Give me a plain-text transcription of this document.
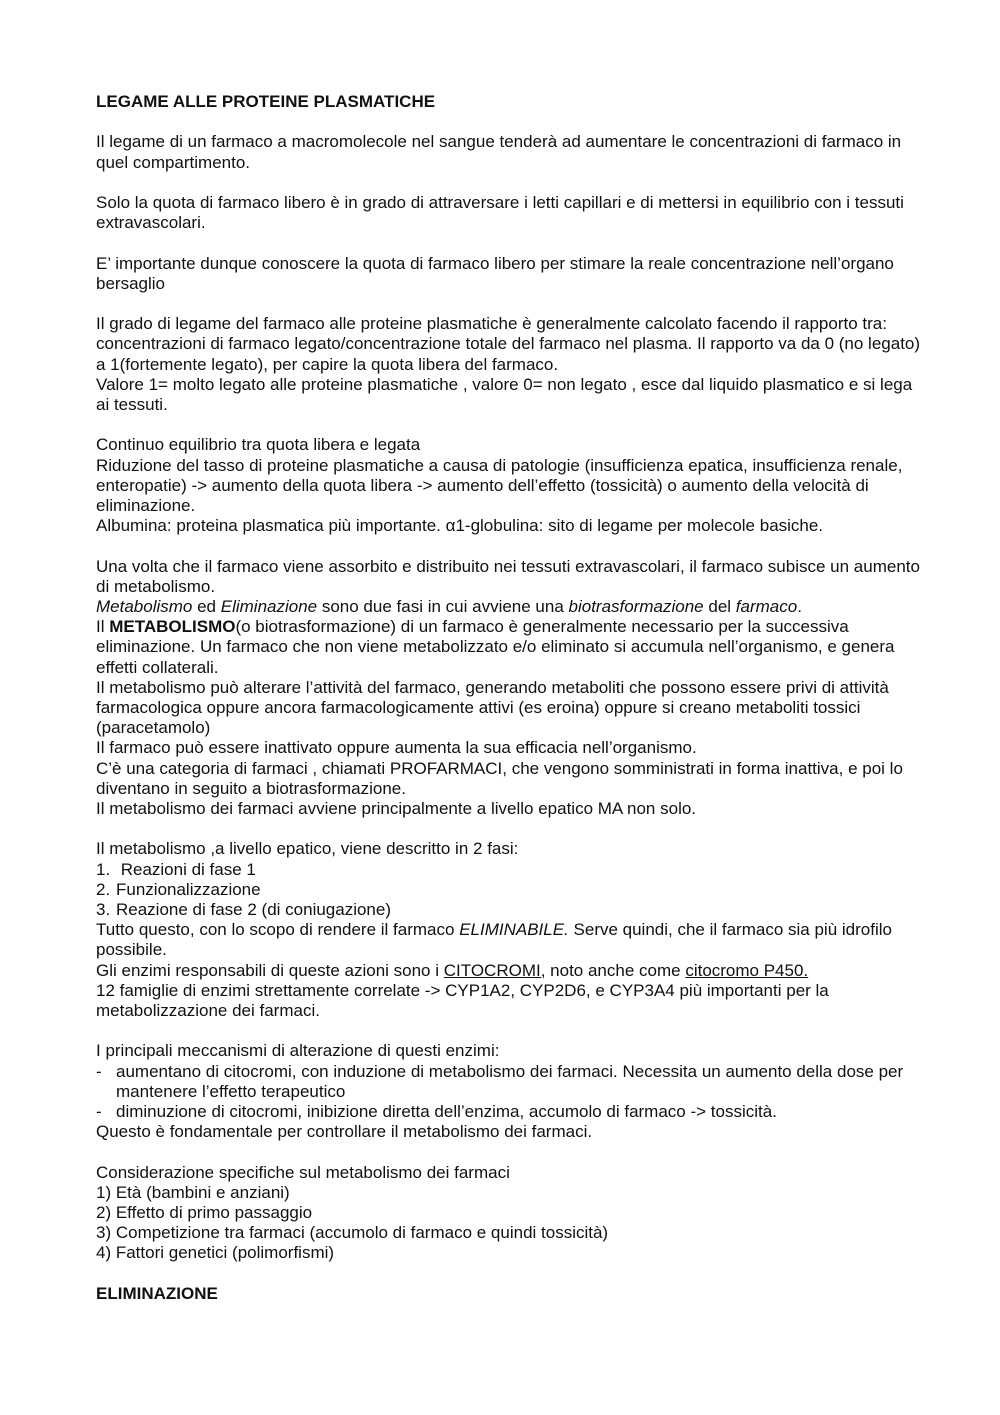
LEGAME ALLE PROTEINE PLASMATICHE

Il legame di un farmaco a macromolecole nel sangue tenderà ad aumentare le concentrazioni di farmaco in quel compartimento.

Solo la quota di farmaco libero è in grado di attraversare i letti capillari e di mettersi in equilibrio con i tessuti extravascolari.

E’ importante dunque conoscere la quota di farmaco libero per stimare la reale concentrazione nell’organo bersaglio

Il grado di legame del farmaco alle proteine plasmatiche è generalmente calcolato facendo il rapporto tra: concentrazioni di farmaco legato/concentrazione totale del farmaco nel plasma. Il rapporto va da 0 (no legato) a 1(fortemente legato), per capire la quota libera del farmaco.

Valore 1= molto legato alle proteine plasmatiche , valore 0= non legato , esce dal liquido plasmatico e si lega ai tessuti.

Continuo equilibrio tra quota libera e legata

Riduzione del tasso di proteine plasmatiche a causa di patologie (insufficienza epatica, insufficienza renale, enteropatie) -> aumento della quota libera -> aumento dell’effetto (tossicità) o aumento della velocità di eliminazione.

Albumina: proteina plasmatica più importante. α1-globulina: sito di legame per molecole basiche.

Una volta che il farmaco viene assorbito e distribuito nei tessuti extravascolari, il farmaco subisce un aumento di metabolismo.

Metabolismo ed Eliminazione sono due fasi in cui avviene una biotrasformazione del farmaco.

Il METABOLISMO(o biotrasformazione) di un farmaco è generalmente necessario per la successiva eliminazione. Un farmaco che non viene metabolizzato e/o eliminato si accumula nell’organismo, e genera effetti collaterali.

Il metabolismo può alterare l’attività del farmaco, generando metaboliti che possono essere privi di attività farmacologica oppure ancora farmacologicamente attivi (es eroina) oppure si creano metaboliti tossici (paracetamolo)

Il farmaco può essere inattivato oppure aumenta la sua efficacia nell’organismo.

C’è una categoria di farmaci , chiamati PROFARMACI, che vengono somministrati in forma inattiva, e poi lo diventano in seguito a biotrasformazione.

Il metabolismo dei farmaci avviene principalmente a livello epatico MA non solo.

Il metabolismo ,a livello epatico, viene descritto in 2 fasi:

1. Reazioni di fase 1
2. Funzionalizzazione
3. Reazione di fase 2 (di coniugazione)

Tutto questo, con lo scopo di rendere il farmaco ELIMINABILE. Serve quindi, che il farmaco sia più idrofilo possibile.

Gli enzimi responsabili di queste azioni sono i CITOCROMI, noto anche come citocromo P450.

12 famiglie di enzimi strettamente correlate -> CYP1A2, CYP2D6, e CYP3A4 più importanti per la metabolizzazione dei farmaci.

I principali meccanismi di alterazione di questi enzimi:

- aumentano di citocromi, con induzione di metabolismo dei farmaci. Necessita un aumento della dose per mantenere l’effetto terapeutico
- diminuzione di citocromi, inibizione diretta dell’enzima, accumolo di farmaco -> tossicità.

Questo è fondamentale per controllare il metabolismo dei farmaci.

Considerazione specifiche sul metabolismo dei farmaci

1) Età (bambini e anziani)

2) Effetto di primo passaggio

3) Competizione tra farmaci (accumolo di farmaco e quindi tossicità)

4) Fattori genetici (polimorfismi)

ELIMINAZIONE
